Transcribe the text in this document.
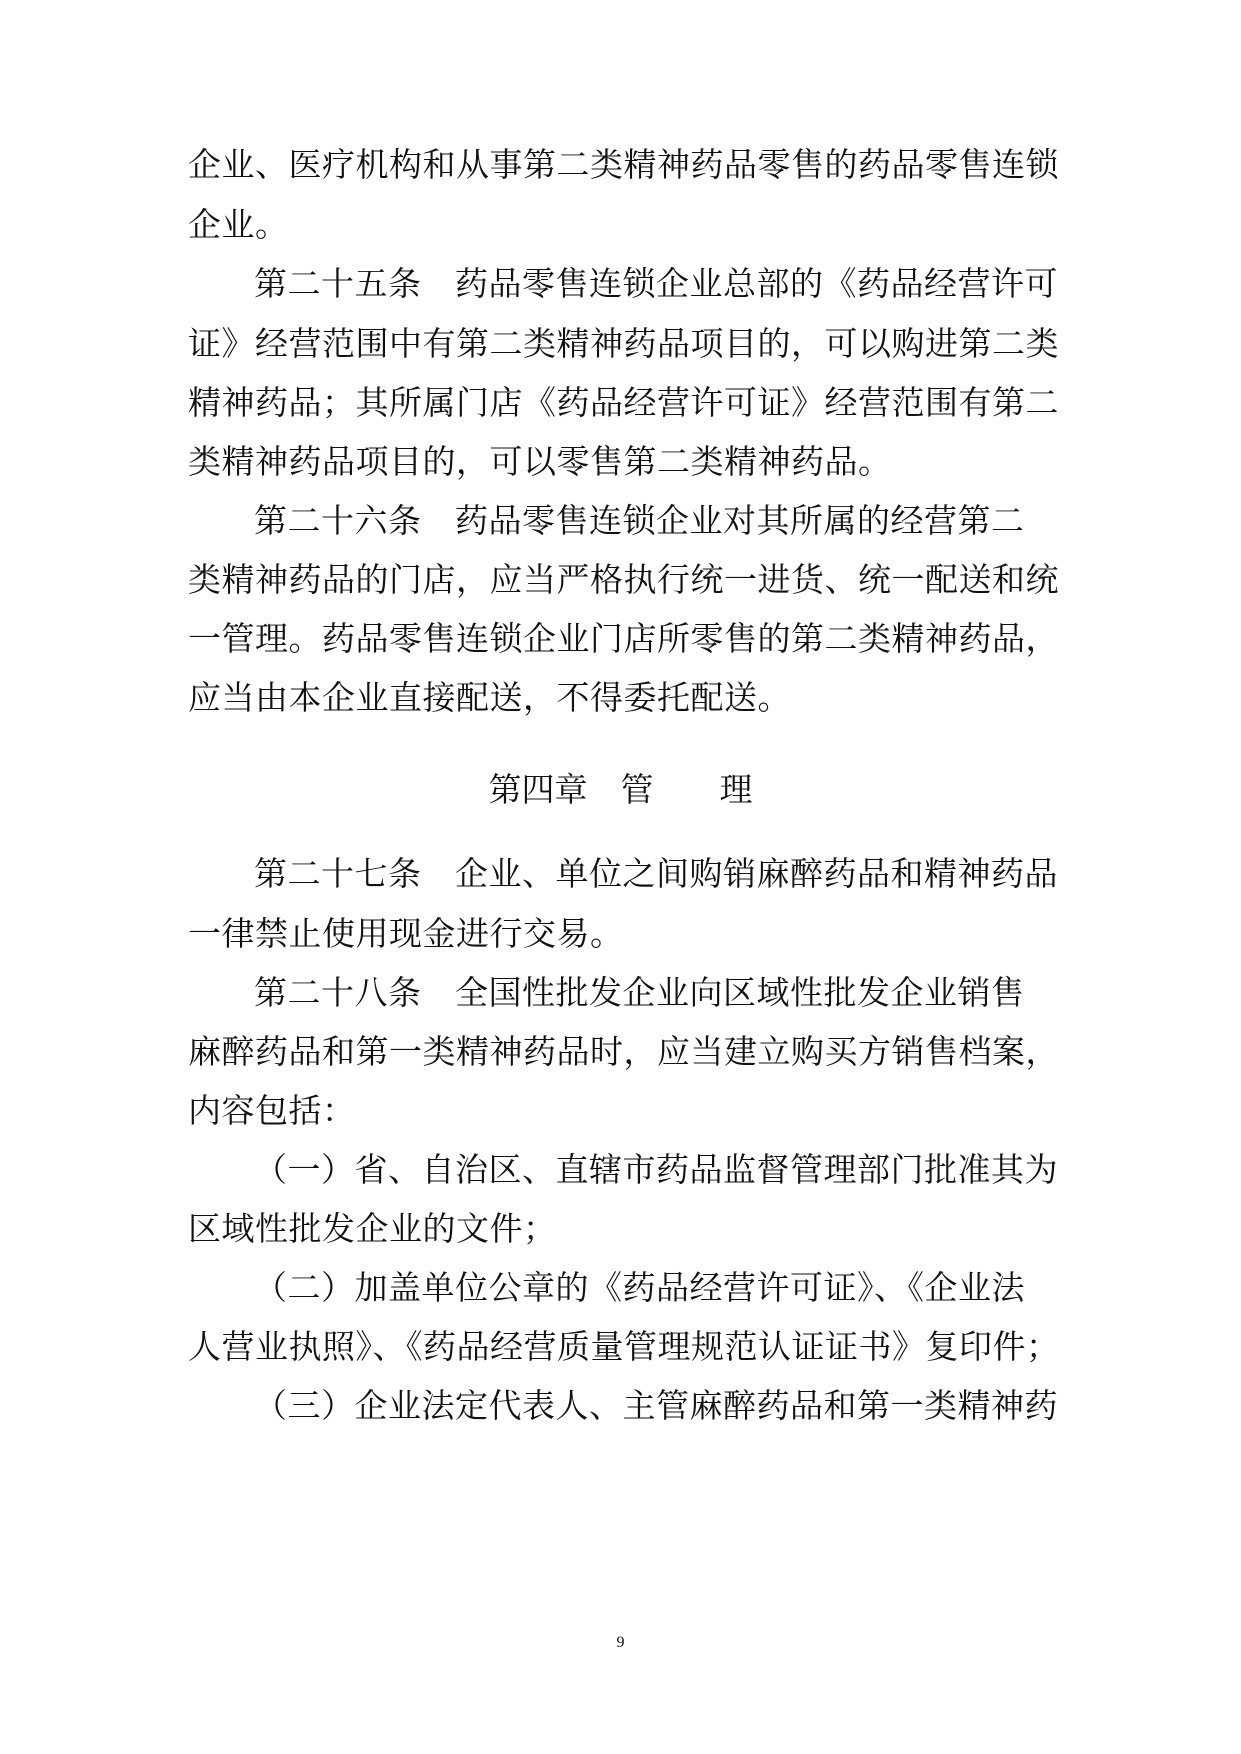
企业、医疗机构和从事第二类精神药品零售的药品零售连锁
企业。
第二十五条　药品零售连锁企业总部的《药品经营许可
证》经营范围中有第二类精神药品项目的，可以购进第二类
精神药品；其所属门店《药品经营许可证》经营范围有第二
类精神药品项目的，可以零售第二类精神药品。
第二十六条　药品零售连锁企业对其所属的经营第二
类精神药品的门店，应当严格执行统一进货、统一配送和统
一管理。药品零售连锁企业门店所零售的第二类精神药品，
应当由本企业直接配送，不得委托配送。
第四章　管　　理
第二十七条　企业、单位之间购销麻醉药品和精神药品
一律禁止使用现金进行交易。
第二十八条　全国性批发企业向区域性批发企业销售
麻醉药品和第一类精神药品时，应当建立购买方销售档案，
内容包括：
（一）省、自治区、直辖市药品监督管理部门批准其为
区域性批发企业的文件；
（二）加盖单位公章的《药品经营许可证》、《企业法
人营业执照》、《药品经营质量管理规范认证证书》复印件；
（三）企业法定代表人、主管麻醉药品和第一类精神药
9
